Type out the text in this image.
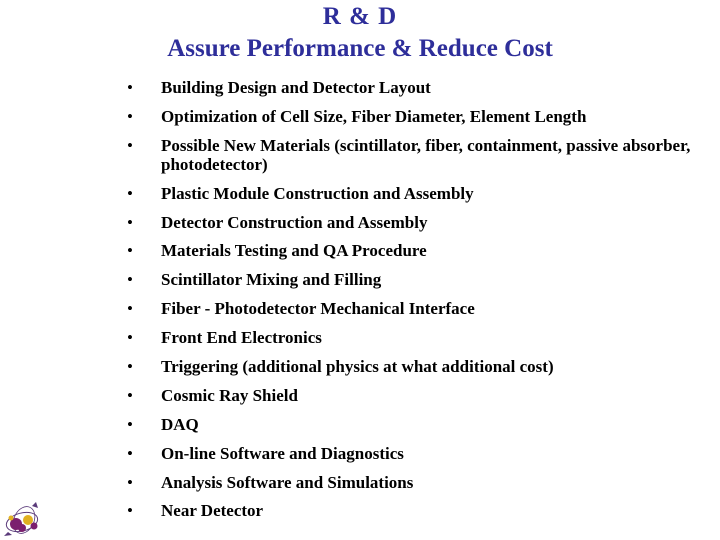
R & D
Assure Performance & Reduce Cost
• Building Design and Detector Layout
• Optimization of Cell Size, Fiber Diameter, Element Length
• Possible New Materials (scintillator, fiber, containment, passive absorber, photodetector)
• Plastic Module Construction and Assembly
• Detector Construction and Assembly
• Materials Testing and QA Procedure
• Scintillator Mixing and Filling
• Fiber - Photodetector Mechanical Interface
• Front End Electronics
• Triggering (additional physics at what additional cost)
• Cosmic Ray Shield
• DAQ
• On-line Software and Diagnostics
• Analysis Software and Simulations
• Near Detector
